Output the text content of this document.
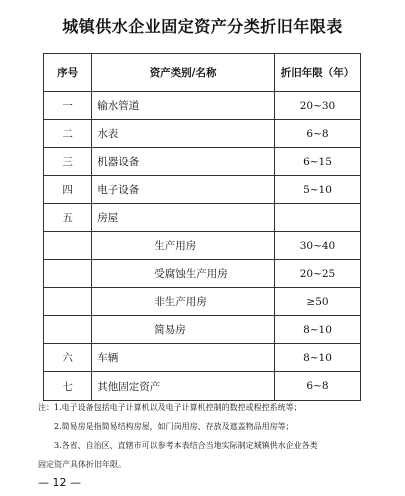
城镇供水企业固定资产分类折旧年限表
序号	资产类别/名称	折旧年限（年）
一	输水管道	20~30
二	水表	6~8
三	机器设备	6~15
四	电子设备	5~10
五	房屋	
	生产用房	30~40
	受腐蚀生产用房	20~25
	非生产用房	≥50
	简易房	8~10
六	车辆	8~10
七	其他固定资产	6~8
注：1.电子设备包括电子计算机以及电子计算机控制的数控或程控系统等；
2.简易房是指简易结构房屋，如门岗用房、存放及遮盖物品用房等；
3.各省、自治区、直辖市可以参考本表结合当地实际制定城镇供水企业各类
固定资产具体折旧年限。
— 12 —
